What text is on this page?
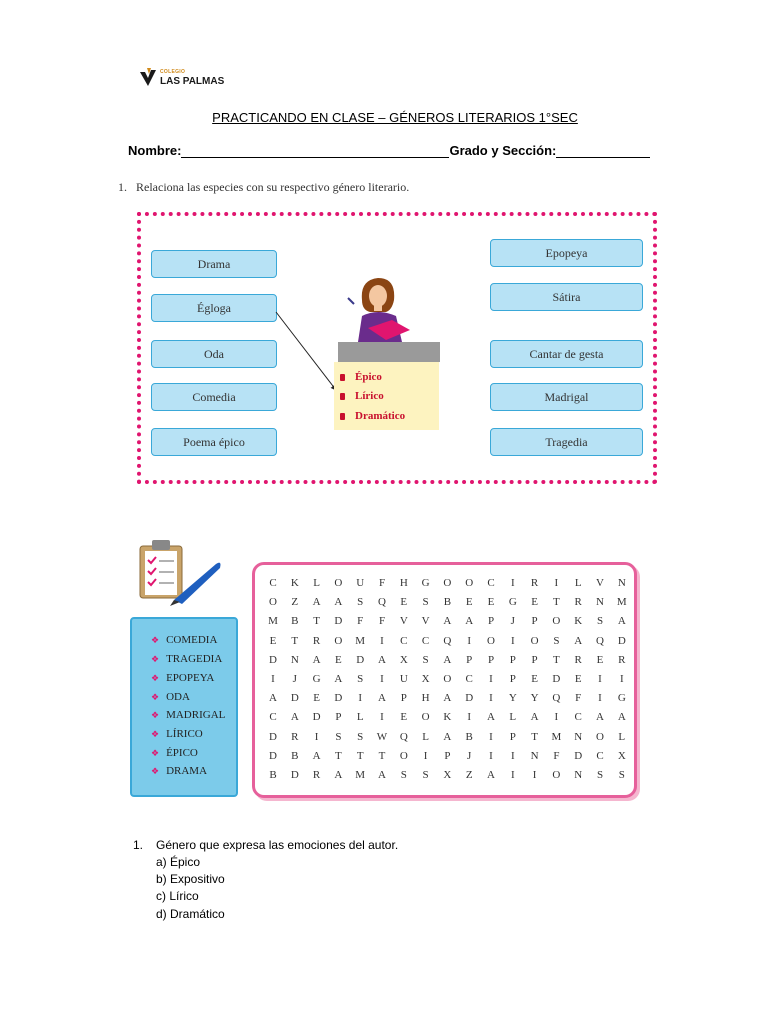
COLEGIO
LAS PALMAS
PRACTICANDO EN CLASE – GÉNEROS LITERARIOS 1°SEC
Nombre:	Grado y Sección:
1. Relaciona las especies con su respectivo género literario.
Drama
Égloga
Oda
Comedia
Poema épico
Epopeya
Sátira
Cantar de gesta
Madrigal
Tragedia
Épico
Lírico
Dramático
❖ COMEDIA
❖ TRAGEDIA
❖ EPOPEYA
❖ ODA
❖ MADRIGAL
❖ LÍRICO
❖ ÉPICO
❖ DRAMA
C	K	L	O	U	F	H	G	O	O	C	I	R	I	L	V	N
O	Z	A	A	S	Q	E	S	B	E	E	G	E	T	R	N	M
M	B	T	D	F	F	V	V	A	A	P	J	P	O	K	S	A
E	T	R	O	M	I	C	C	Q	I	O	I	O	S	A	Q	D
D	N	A	E	D	A	X	S	A	P	P	P	P	T	R	E	R
I	J	G	A	S	I	U	X	O	C	I	P	E	D	E	I	I
A	D	E	D	I	A	P	H	A	D	I	Y	Y	Q	F	I	G
C	A	D	P	L	I	E	O	K	I	A	L	A	I	C	A	A
D	R	I	S	S	W	Q	L	A	B	I	P	T	M	N	O	L
D	B	A	T	T	T	O	I	P	J	I	I	N	F	D	C	X
B	D	R	A	M	A	S	S	X	Z	A	I	I	O	N	S	S
1. Género que expresa las emociones del autor.
a) Épico
b) Expositivo
c) Lírico
d) Dramático
